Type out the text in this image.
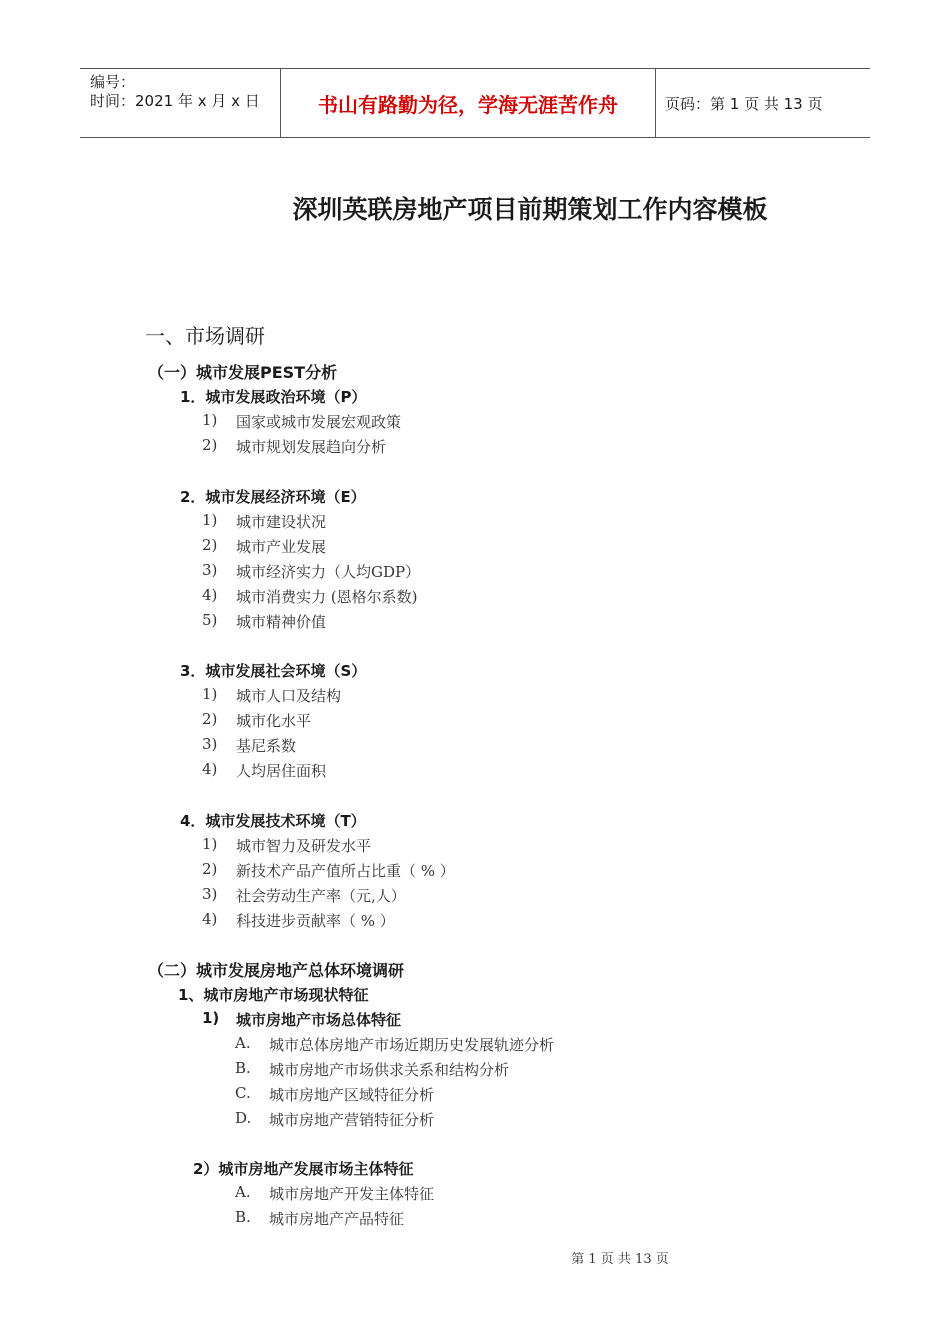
编号：
时间：2021 年 x 月 x 日	书山有路勤为径，学海无涯苦作舟	页码：第 1 页 共 13 页
深圳英联房地产项目前期策划工作内容模板
一、市场调研
（一）城市发展PEST分析
1．城市发展政治环境（P）
1) 国家或城市发展宏观政策
2) 城市规划发展趋向分析
2．城市发展经济环境（E）
1) 城市建设状况
2) 城市产业发展
3) 城市经济实力（人均GDP）
4) 城市消费实力 (恩格尔系数)
5) 城市精神价值
3．城市发展社会环境（S）
1) 城市人口及结构
2) 城市化水平
3) 基尼系数
4) 人均居住面积
4．城市发展技术环境（T）
1) 城市智力及研发水平
2) 新技术产品产值所占比重（ % ）
3) 社会劳动生产率（元,人）
4) 科技进步贡献率（ % ）
（二）城市发展房地产总体环境调研
1、城市房地产市场现状特征
1) 城市房地产市场总体特征
A. 城市总体房地产市场近期历史发展轨迹分析
B. 城市房地产市场供求关系和结构分析
C. 城市房地产区域特征分析
D. 城市房地产营销特征分析
2）城市房地产发展市场主体特征
A. 城市房地产开发主体特征
B. 城市房地产产品特征
第 1 页 共 13 页
